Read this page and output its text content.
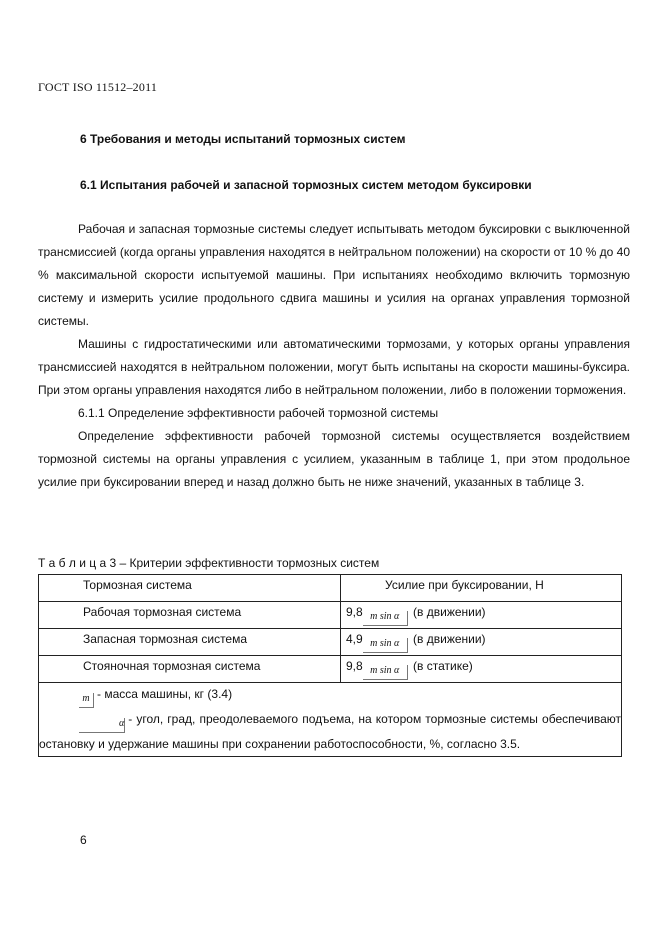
ГОСТ ISO 11512–2011
6 Требования и методы испытаний тормозных систем
6.1 Испытания рабочей и запасной тормозных систем методом буксировки

Рабочая и запасная тормозные системы следует испытывать методом буксировки с выключенной трансмиссией (когда органы управления находятся в нейтральном положении) на скорости от 10 % до 40 % максимальной скорости испытуемой машины. При испытаниях необходимо включить тормозную систему и измерить усилие продольного сдвига машины и усилия на органах управления тормозной системы.

Машины с гидростатическими или автоматическими тормозами, у которых органы управления трансмиссией находятся в нейтральном положении, могут быть испытаны на скорости машины-буксира. При этом органы управления находятся либо в нейтральном положении, либо в положении торможения.

6.1.1 Определение эффективности рабочей тормозной системы

Определение эффективности рабочей тормозной системы осуществляется воздействием тормозной системы на органы управления с усилием, указанным в таблице 1, при этом продольное усилие при буксировании вперед и назад должно быть не ниже значений, указанных в таблице 3.

Т а б л и ц а 3 – Критерии эффективности тормозных систем
Тормозная система	Усилие при буксировании, Н
Рабочая тормозная система	9,8 m sin α (в движении)
Запасная тормозная система	4,9 m sin α (в движении)
Стояночная тормозная система	9,8 m sin α (в статике)

m - масса машины, кг (3.4)
α - угол, град, преодолеваемого подъема, на котором тормозные системы обеспечивают остановку и удержание машины при сохранении работоспособности, %, согласно 3.5.	
6
